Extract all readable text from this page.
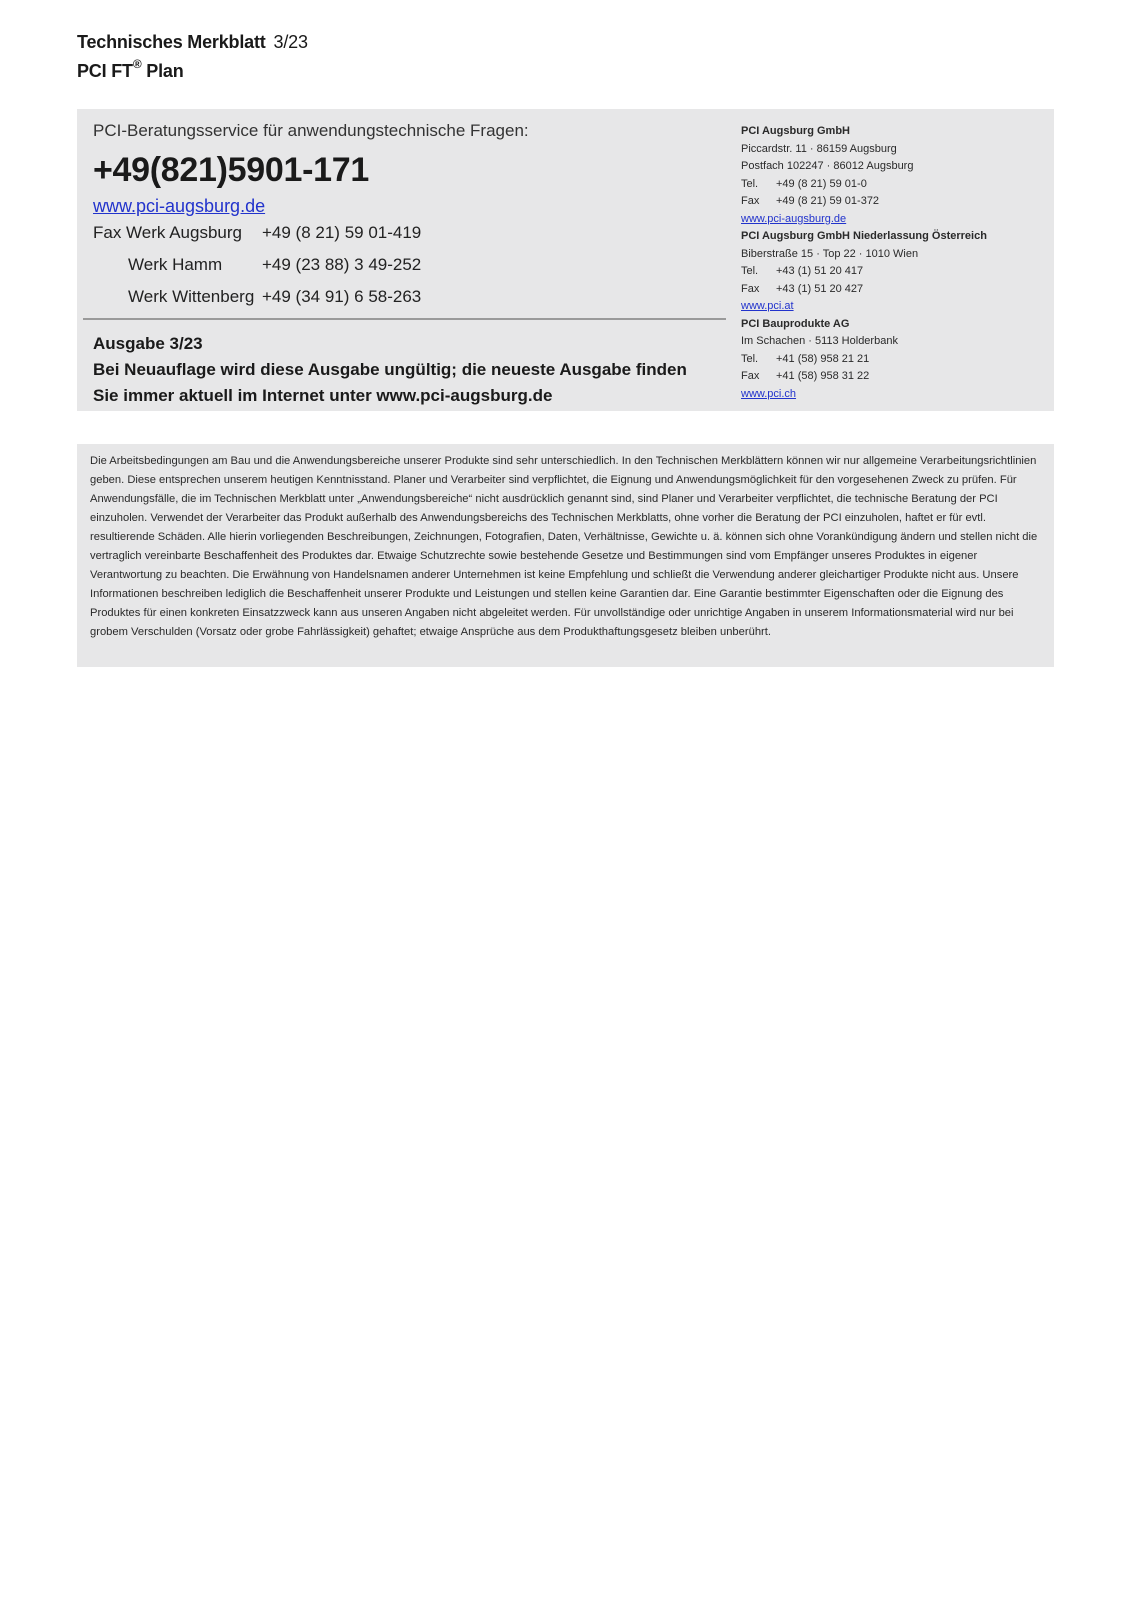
Technisches Merkblatt 3/23
PCI FT® Plan
PCI-Beratungsservice für anwendungstechnische Fragen:
+49(821)5901-171
www.pci-augsburg.de
Fax Werk Augsburg	+49 (8 21) 59 01-419
Werk Hamm	+49 (23 88) 3 49-252
Werk Wittenberg +49 (34 91) 6 58-263
Ausgabe 3/23
Bei Neuauflage wird diese Ausgabe ungültig; die neueste Ausgabe finden
Sie immer aktuell im Internet unter www.pci-augsburg.de
PCI Augsburg GmbH
Piccardstr. 11 · 86159 Augsburg
Postfach 102247 · 86012 Augsburg
Tel.	+49 (8 21) 59 01-0
Fax	+49 (8 21) 59 01-372
www.pci-augsburg.de
PCI Augsburg GmbH Niederlassung Österreich
Biberstraße 15 · Top 22 · 1010 Wien
Tel.	+43 (1) 51 20 417
Fax	+43 (1) 51 20 427
www.pci.at
PCI Bauprodukte AG
Im Schachen · 5113 Holderbank
Tel.	+41 (58) 958 21 21
Fax	+41 (58) 958 31 22
www.pci.ch

Die Arbeitsbedingungen am Bau und die Anwendungsbereiche unserer Produkte sind sehr unterschiedlich. In den Technischen Merkblättern können wir nur allgemeine Verarbeitungsrichtlinien geben. Diese entsprechen unserem heutigen Kenntnisstand. Planer und Verarbeiter sind verpflichtet, die Eignung und Anwendungsmöglichkeit für den vorgesehenen Zweck zu prüfen. Für Anwendungsfälle, die im Technischen Merkblatt unter „Anwendungsbereiche“ nicht ausdrücklich genannt sind, sind Planer und Verarbeiter verpflichtet, die technische Beratung der PCI einzuholen. Verwendet der Verarbeiter das Produkt außerhalb des Anwendungsbereichs des Technischen Merkblatts, ohne vorher die Beratung der PCI einzuholen, haftet er für evtl. resultierende Schäden. Alle hierin vorliegenden Beschreibungen, Zeichnungen, Fotografien, Daten, Verhältnisse, Gewichte u. ä. können sich ohne Vorankündigung ändern und stellen nicht die vertraglich vereinbarte Beschaffenheit des Produktes dar. Etwaige Schutzrechte sowie bestehende Gesetze und Bestimmungen sind vom Empfänger unseres Produktes in eigener Verantwortung zu beachten. Die Erwähnung von Handelsnamen anderer Unternehmen ist keine Empfehlung und schließt die Verwendung anderer gleichartiger Produkte nicht aus. Unsere Informationen beschreiben lediglich die Beschaffenheit unserer Produkte und Leistungen und stellen keine Garantien dar. Eine Garantie bestimmter Eigenschaften oder die Eignung des Produktes für einen konkreten Einsatzzweck kann aus unseren Angaben nicht abgeleitet werden. Für unvollständige oder unrichtige Angaben in unserem Informationsmaterial wird nur bei grobem Verschulden (Vorsatz oder grobe Fahrlässigkeit) gehaftet; etwaige Ansprüche aus dem Produkthaftungsgesetz bleiben unberührt.
